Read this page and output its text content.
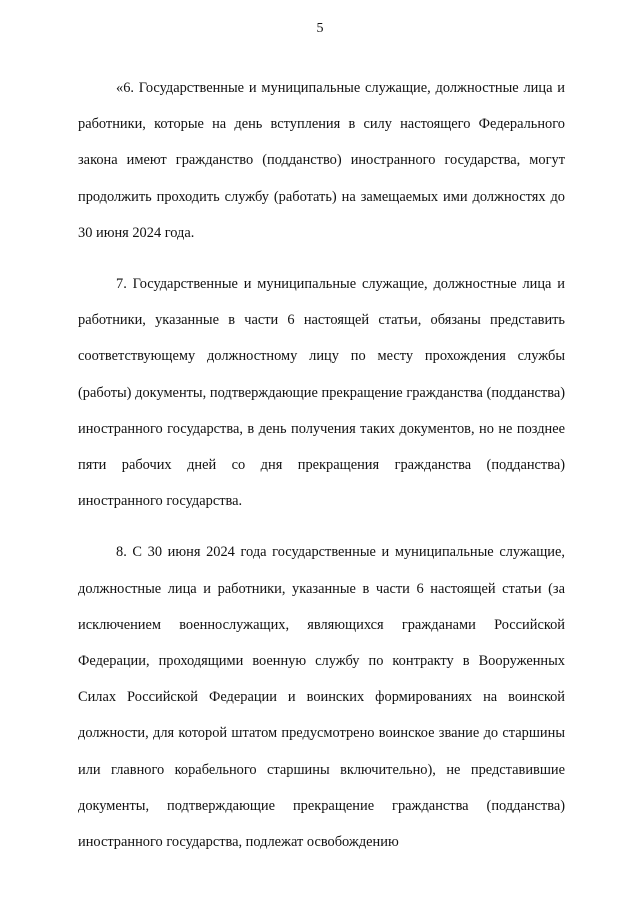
5

«6. Государственные и муниципальные служащие, должностные лица и работники, которые на день вступления в силу настоящего Федерального закона имеют гражданство (подданство) иностранного государства, могут продолжить проходить службу (работать) на замещаемых ими должностях до 30 июня 2024 года.

7. Государственные и муниципальные служащие, должностные лица и работники, указанные в части 6 настоящей статьи, обязаны представить соответствующему должностному лицу по месту прохождения службы (работы) документы, подтверждающие прекращение гражданства (подданства) иностранного государства, в день получения таких документов, но не позднее пяти рабочих дней со дня прекращения гражданства (подданства) иностранного государства.

8. С 30 июня 2024 года государственные и муниципальные служащие, должностные лица и работники, указанные в части 6 настоящей статьи (за исключением военнослужащих, являющихся гражданами Российской Федерации, проходящими военную службу по контракту в Вооруженных Силах Российской Федерации и воинских формированиях на воинской должности, для которой штатом предусмотрено воинское звание до старшины или главного корабельного старшины включительно), не представившие документы, подтверждающие прекращение гражданства (подданства) иностранного государства, подлежат освобождению
